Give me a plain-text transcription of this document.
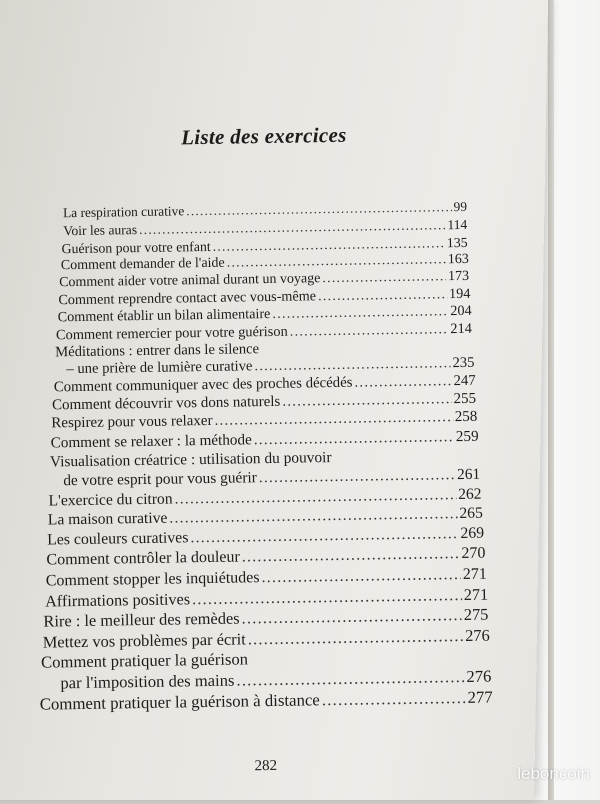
Liste des exercices
La respiration curative .....	99
Voir les auras .....	114
Guérison pour votre enfant .....	135
Comment demander de l'aide .....	163
Comment aider votre animal durant un voyage .....	173
Comment reprendre contact avec vous-même .....	194
Comment établir un bilan alimentaire .....	204
Comment remercier pour votre guérison .....	214
Méditations : entrer dans le silence
– une prière de lumière curative .....	235
Comment communiquer avec des proches décédés .....	247
Comment découvrir vos dons naturels .....	255
Respirez pour vous relaxer .....	258
Comment se relaxer : la méthode .....	259
Visualisation créatrice : utilisation du pouvoir
de votre esprit pour vous guérir .....	261
L'exercice du citron .....	262
La maison curative .....	265
Les couleurs curatives .....	269
Comment contrôler la douleur .....	270
Comment stopper les inquiétudes .....	271
Affirmations positives .....	271
Rire : le meilleur des remèdes .....	275
Mettez vos problèmes par écrit .....	276
Comment pratiquer la guérison
par l'imposition des mains .....	276
Comment pratiquer la guérison à distance .....	277
282	leboncoin
